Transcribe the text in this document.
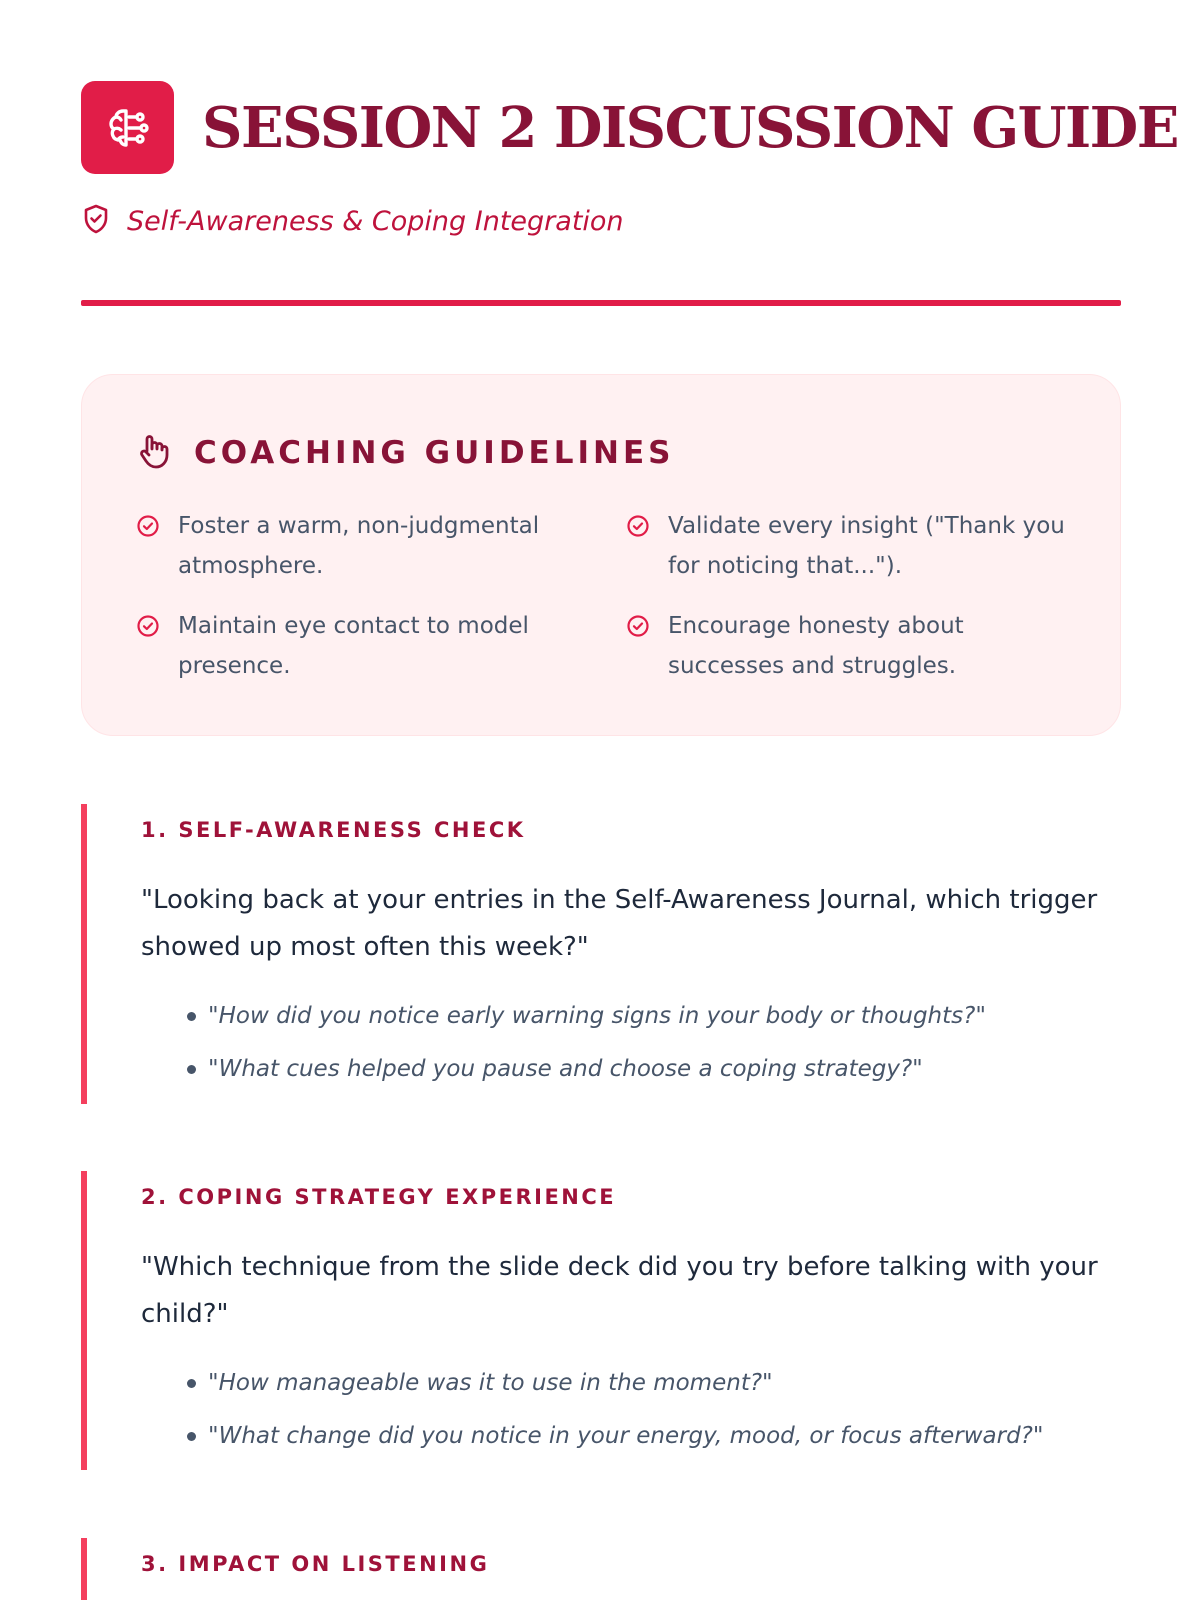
SESSION 2 DISCUSSION GUIDE
Self-Awareness & Coping Integration
COACHING GUIDELINES
Foster a warm, non-judgmental atmosphere.
Validate every insight ("Thank you for noticing that...").
Maintain eye contact to model presence.
Encourage honesty about successes and struggles.
1. SELF-AWARENESS CHECK

"Looking back at your entries in the Self-Awareness Journal, which trigger showed up most often this week?"

"How did you notice early warning signs in your body or thoughts?"
"What cues helped you pause and choose a coping strategy?"
2. COPING STRATEGY EXPERIENCE

"Which technique from the slide deck did you try before talking with your child?"

"How manageable was it to use in the moment?"
"What change did you notice in your energy, mood, or focus afterward?"
3. IMPACT ON LISTENING
